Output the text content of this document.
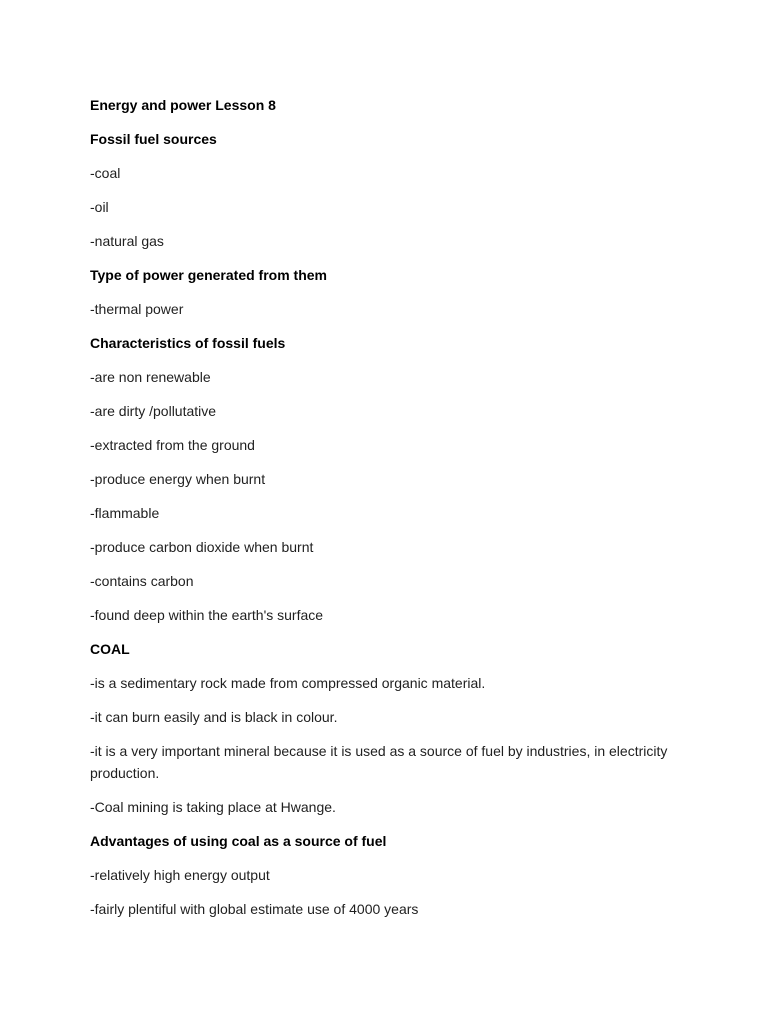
Energy and power Lesson 8

Fossil fuel sources

-coal

-oil

-natural gas

Type of power generated from them

-thermal power

Characteristics of fossil fuels

-are non renewable

-are dirty /pollutative

-extracted from the ground

-produce energy when burnt

-flammable

-produce carbon dioxide when burnt

-contains carbon

-found deep within the earth's surface

COAL

-is a sedimentary rock made from compressed organic material.

-it can burn easily and is black in colour.

-it is a very important mineral because it is used as a source of fuel by industries, in electricity production.

-Coal mining is taking place at Hwange.

Advantages of using coal as a source of fuel

-relatively high energy output

-fairly plentiful with global estimate use of 4000 years
